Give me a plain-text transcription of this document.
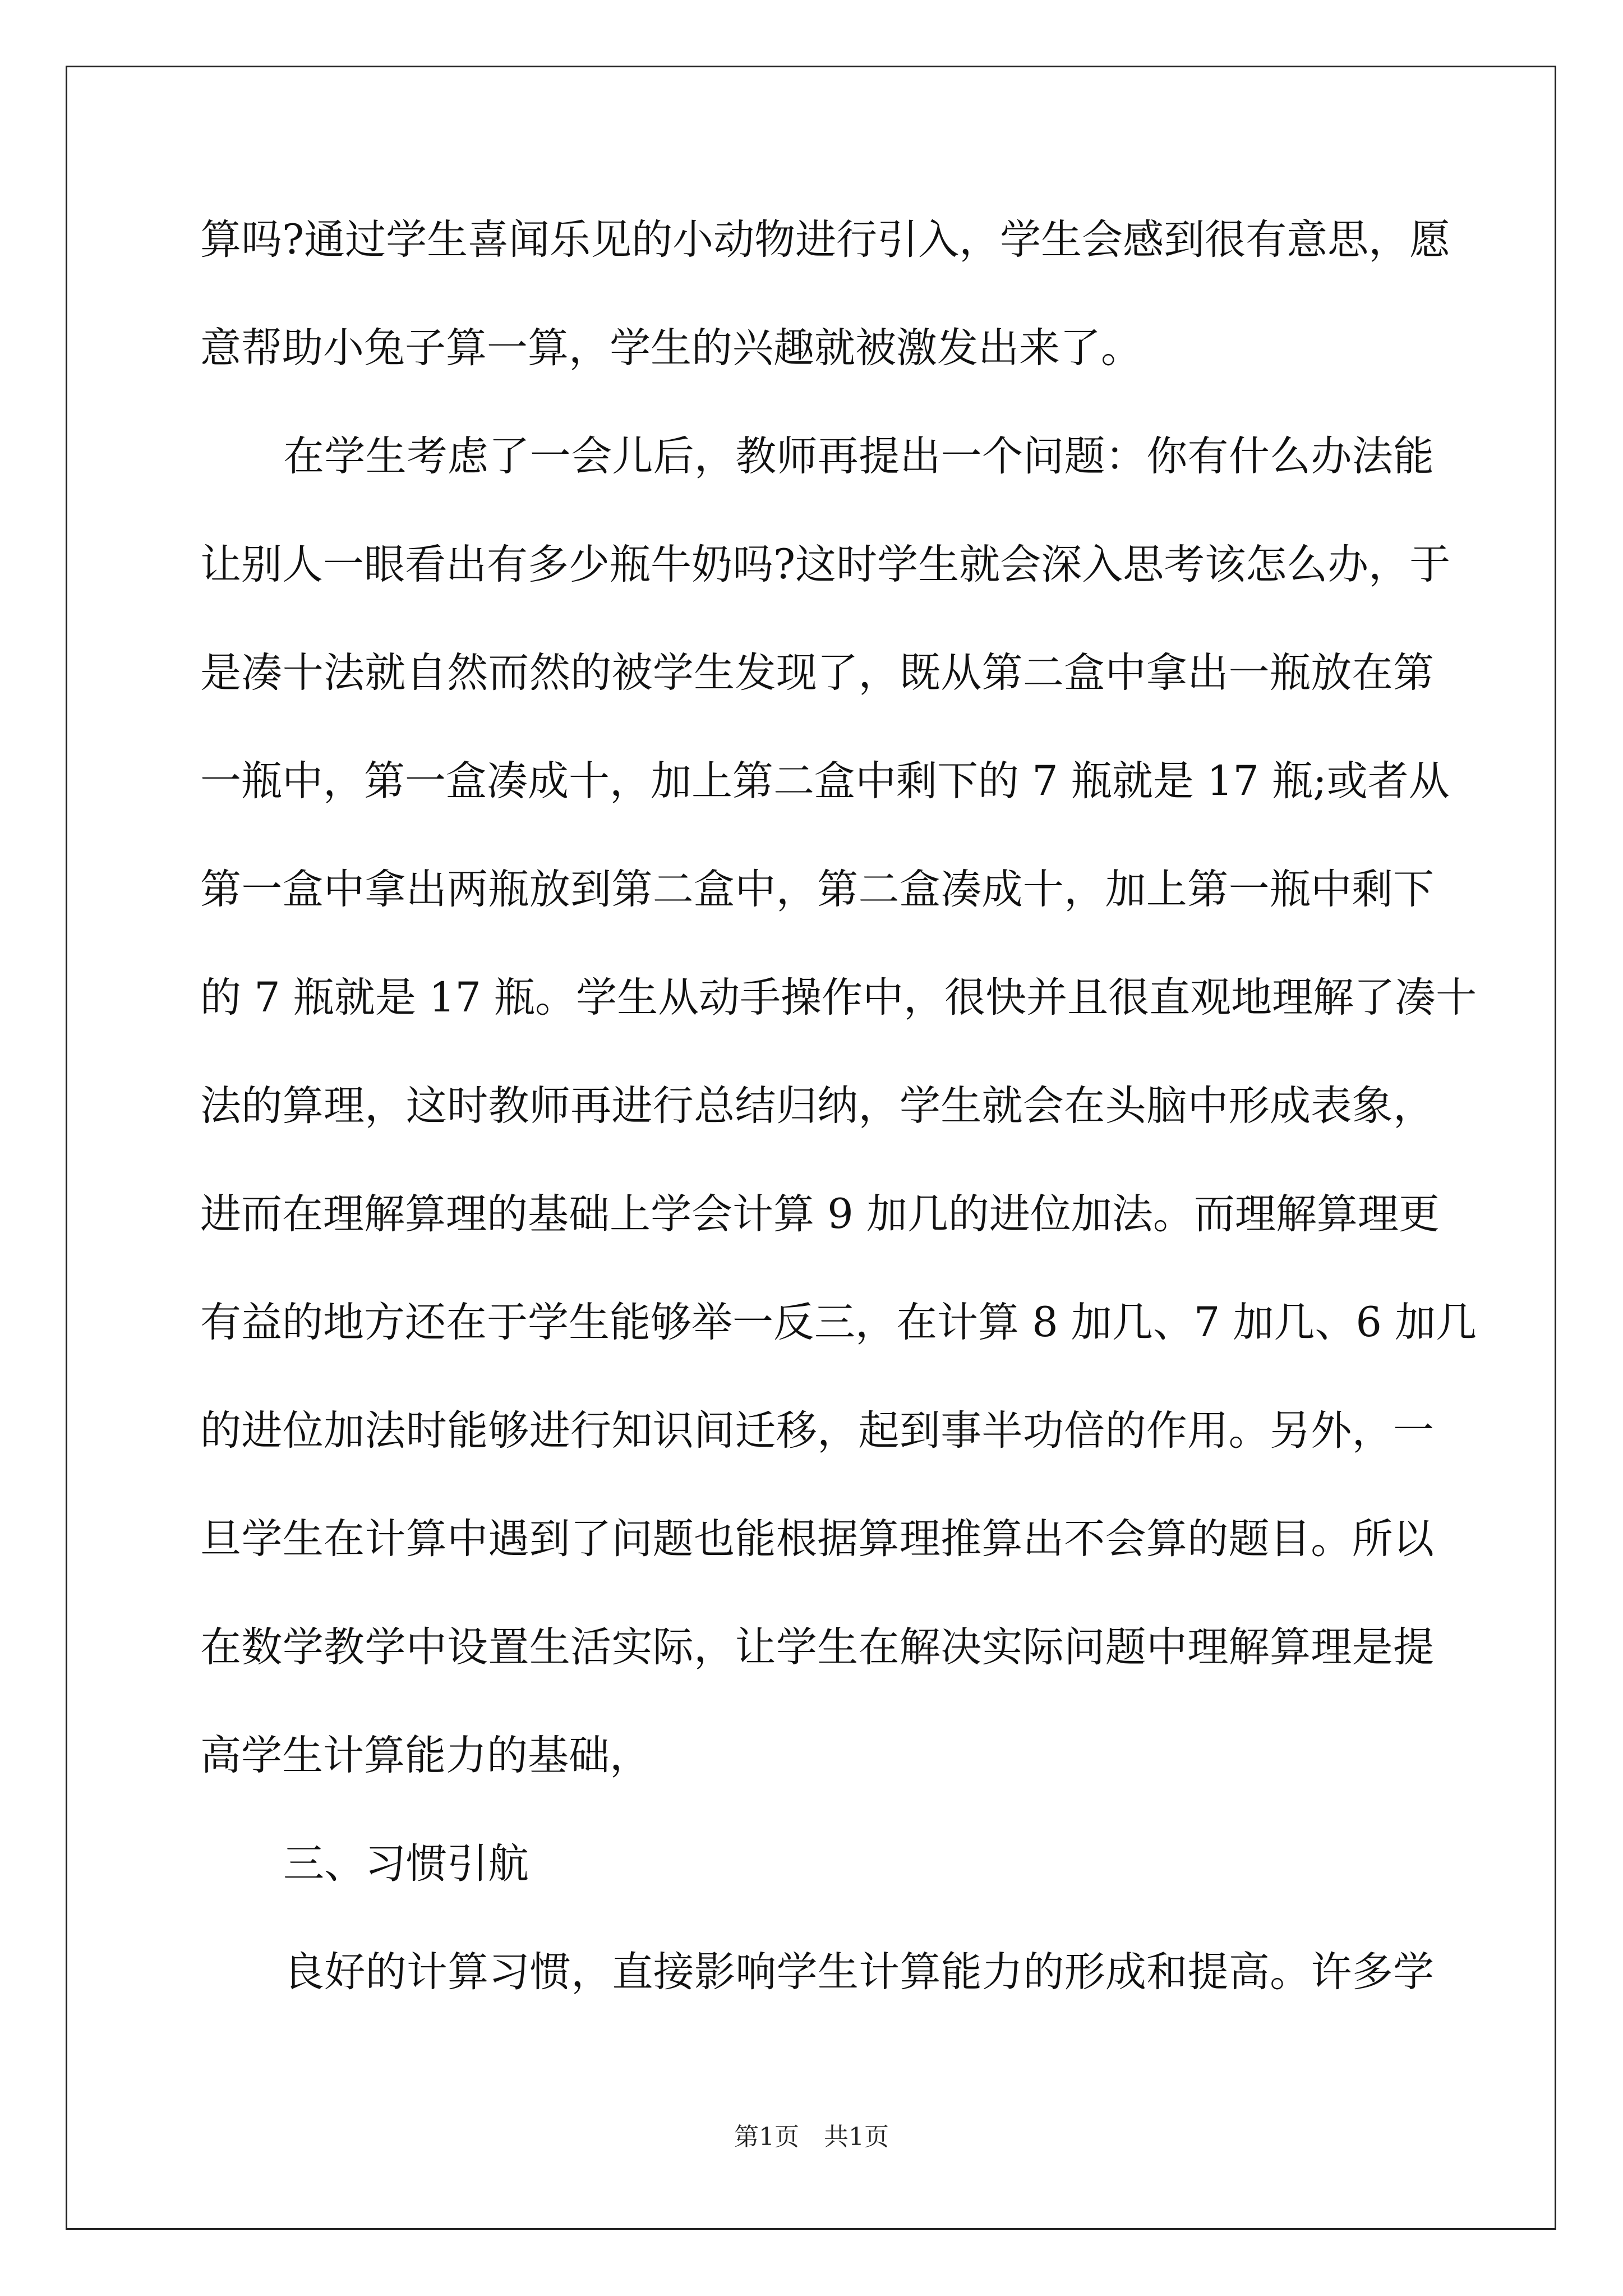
算吗?通过学生喜闻乐见的小动物进行引入，学生会感到很有意思，愿
意帮助小兔子算一算，学生的兴趣就被激发出来了。
在学生考虑了一会儿后，教师再提出一个问题：你有什么办法能
让别人一眼看出有多少瓶牛奶吗?这时学生就会深入思考该怎么办，于
是凑十法就自然而然的被学生发现了，既从第二盒中拿出一瓶放在第
一瓶中，第一盒凑成十，加上第二盒中剩下的 7 瓶就是 17 瓶;或者从
第一盒中拿出两瓶放到第二盒中，第二盒凑成十，加上第一瓶中剩下
的 7 瓶就是 17 瓶。学生从动手操作中，很快并且很直观地理解了凑十
法的算理，这时教师再进行总结归纳，学生就会在头脑中形成表象，
进而在理解算理的基础上学会计算 9 加几的进位加法。而理解算理更
有益的地方还在于学生能够举一反三，在计算 8 加几、7 加几、6 加几
的进位加法时能够进行知识间迁移，起到事半功倍的作用。另外，一
旦学生在计算中遇到了问题也能根据算理推算出不会算的题目。所以
在数学教学中设置生活实际，让学生在解决实际问题中理解算理是提
高学生计算能力的基础，
三、习惯引航
良好的计算习惯，直接影响学生计算能力的形成和提高。许多学
第1页 共1页
